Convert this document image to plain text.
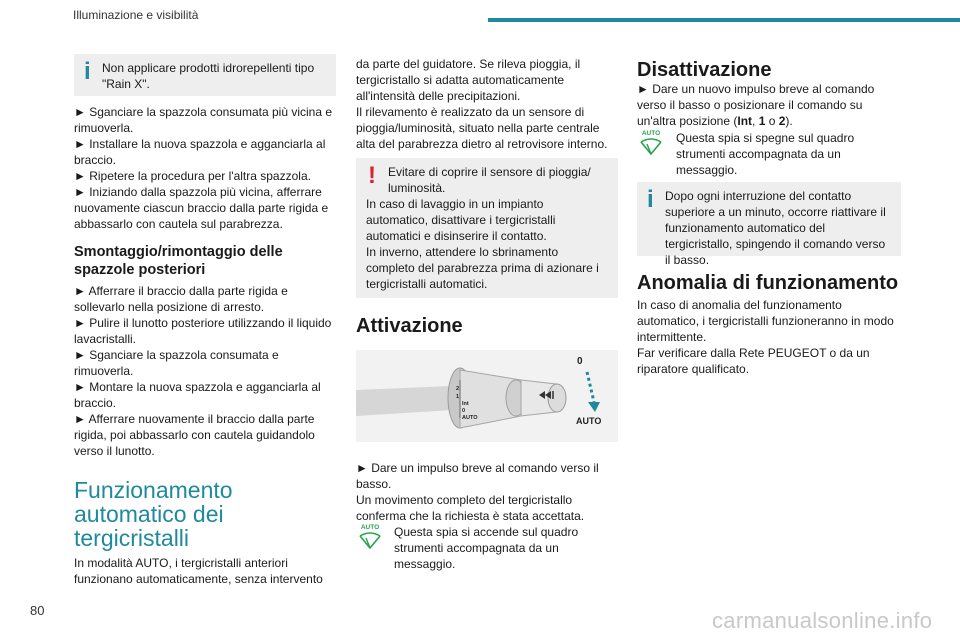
Illuminazione e visibilità
i Non applicare prodotti idrorepellenti tipo "Rain X".

► Sganciare la spazzola consumata più vicina e rimuoverla.

► Installare la nuova spazzola e agganciarla al braccio.

► Ripetere la procedura per l'altra spazzola.

► Iniziando dalla spazzola più vicina, afferrare nuovamente ciascun braccio dalla parte rigida e abbassarlo con cautela sul parabrezza.

Smontaggio/rimontaggio delle spazzole posteriori

► Afferrare il braccio dalla parte rigida e sollevarlo nella posizione di arresto.

► Pulire il lunotto posteriore utilizzando il liquido lavacristalli.

► Sganciare la spazzola consumata e rimuoverla.

► Montare la nuova spazzola e agganciarla al braccio.

► Afferrare nuovamente il braccio dalla parte rigida, poi abbassarlo con cautela guidandolo verso il lunotto.

Funzionamento automatico dei tergicristalli

In modalità AUTO, i tergicristalli anteriori funzionano automaticamente, senza intervento

da parte del guidatore. Se rileva pioggia, il tergicristallo si adatta automaticamente all'intensità delle precipitazioni.

Il rilevamento è realizzato da un sensore di pioggia/luminosità, situato nella parte centrale alta del parabrezza dietro al retrovisore interno.

!	Evitare di coprire il sensore di pioggia/ luminosità.
In caso di lavaggio in un impianto automatico, disattivare i tergicristalli automatici e disinserire il contatto.
In inverno, attendere lo sbrinamento completo del parabrezza prima di azionare i tergicristalli automatici.
Attivazione
0
AUTO
2
1
Int
0
AUTO

► Dare un impulso breve al comando verso il basso.

Un movimento completo del tergicristallo conferma che la richiesta è stata accettata.

AUTO	Questa spia si accende sul quadro strumenti accompagnata da un messaggio.

Disattivazione

► Dare un nuovo impulso breve al comando verso il basso o posizionare il comando su un'altra posizione (Int, 1 o 2).

AUTO	Questa spia si spegne sul quadro strumenti accompagnata da un messaggio.

i Dopo ogni interruzione del contatto superiore a un minuto, occorre riattivare il funzionamento automatico del tergicristallo, spingendo il comando verso il basso.
Anomalia di funzionamento

In caso di anomalia del funzionamento automatico, i tergicristalli funzioneranno in modo intermittente.

Far verificare dalla Rete PEUGEOT o da un riparatore qualificato.

80	carmanualsonline.info
